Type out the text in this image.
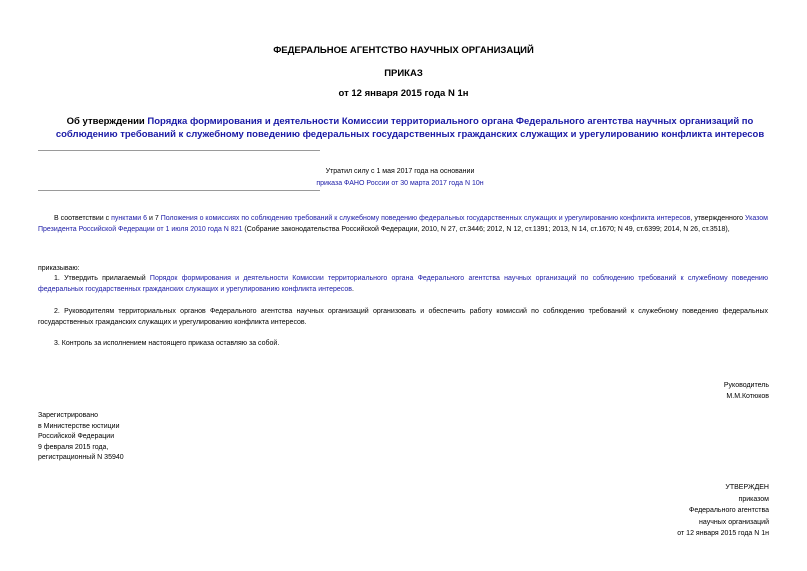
ФЕДЕРАЛЬНОЕ АГЕНТСТВО НАУЧНЫХ ОРГАНИЗАЦИЙ
ПРИКАЗ
от 12 января 2015 года N 1н
Об утверждении Порядка формирования и деятельности Комиссии территориального органа Федерального агентства научных организаций по соблюдению требований к служебному поведению федеральных государственных гражданских служащих и урегулированию конфликта интересов
Утратил силу с 1 мая 2017 года на основании
приказа ФАНО России от 30 марта 2017 года N 10н
В соответствии с пунктами 6 и 7 Положения о комиссиях по соблюдению требований к служебному поведению федеральных государственных служащих и урегулированию конфликта интересов, утвержденного Указом Президента Российской Федерации от 1 июля 2010 года N 821 (Собрание законодательства Российской Федерации, 2010, N 27, ст.3446; 2012, N 12, ст.1391; 2013, N 14, ст.1670; N 49, ст.6399; 2014, N 26, ст.3518),
приказываю:
1. Утвердить прилагаемый Порядок формирования и деятельности Комиссии территориального органа Федерального агентства научных организаций по соблюдению требований к служебному поведению федеральных государственных гражданских служащих и урегулированию конфликта интересов.
2. Руководителям территориальных органов Федерального агентства научных организаций организовать и обеспечить работу комиссий по соблюдению требований к служебному поведению федеральных государственных гражданских служащих и урегулированию конфликта интересов.
3. Контроль за исполнением настоящего приказа оставляю за собой.
Руководитель
М.М.Котюков
Зарегистрировано
в Министерстве юстиции
Российской Федерации
9 февраля 2015 года,
регистрационный N 35940
УТВЕРЖДЕН
приказом
Федерального агентства
научных организаций
от 12 января 2015 года N 1н
